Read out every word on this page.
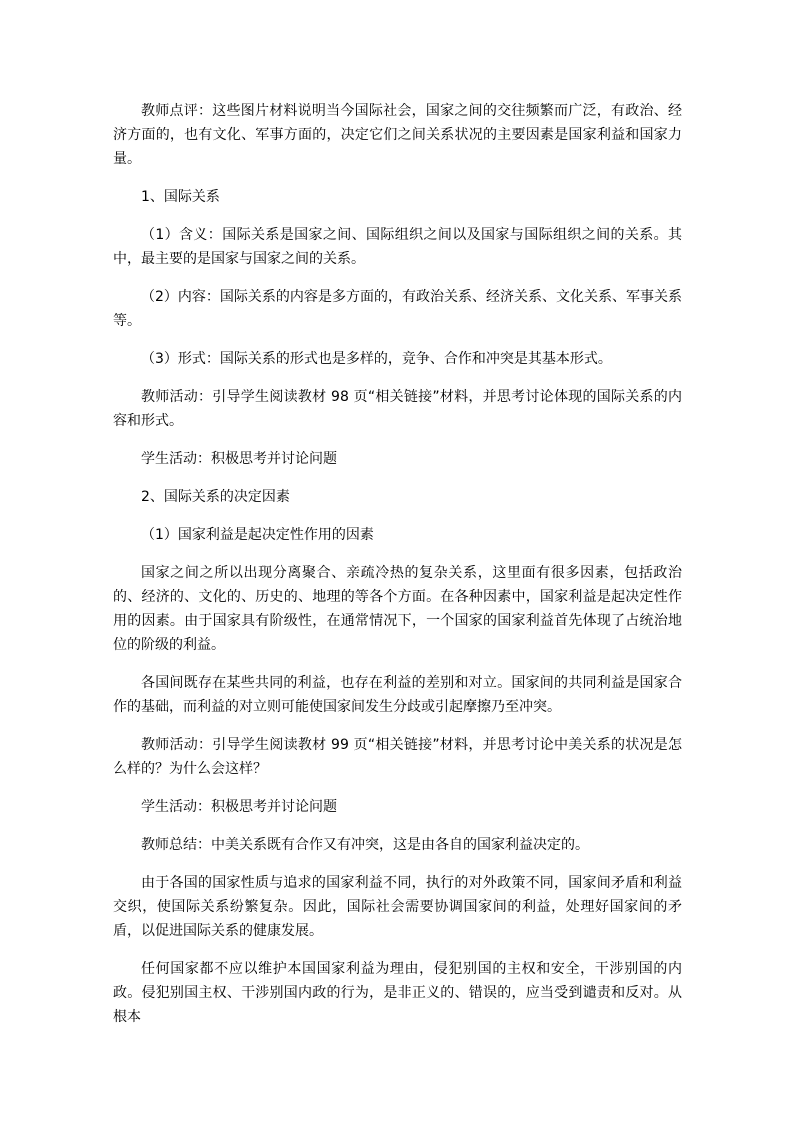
教师点评：这些图片材料说明当今国际社会，国家之间的交往频繁而广泛，有政治、经济方面的，也有文化、军事方面的，决定它们之间关系状况的主要因素是国家利益和国家力量。

1、国际关系

（1）含义：国际关系是国家之间、国际组织之间以及国家与国际组织之间的关系。其中，最主要的是国家与国家之间的关系。

（2）内容：国际关系的内容是多方面的，有政治关系、经济关系、文化关系、军事关系等。

（3）形式：国际关系的形式也是多样的，竞争、合作和冲突是其基本形式。

教师活动：引导学生阅读教材 98 页“相关链接”材料，并思考讨论体现的国际关系的内容和形式。

学生活动：积极思考并讨论问题

2、国际关系的决定因素

（1）国家利益是起决定性作用的因素

国家之间之所以出现分离聚合、亲疏冷热的复杂关系，这里面有很多因素，包括政治的、经济的、文化的、历史的、地理的等各个方面。在各种因素中，国家利益是起决定性作用的因素。由于国家具有阶级性，在通常情况下，一个国家的国家利益首先体现了占统治地位的阶级的利益。

各国间既存在某些共同的利益，也存在利益的差别和对立。国家间的共同利益是国家合作的基础，而利益的对立则可能使国家间发生分歧或引起摩擦乃至冲突。

教师活动：引导学生阅读教材 99 页“相关链接”材料，并思考讨论中美关系的状况是怎么样的？为什么会这样？

学生活动：积极思考并讨论问题

教师总结：中美关系既有合作又有冲突，这是由各自的国家利益决定的。

由于各国的国家性质与追求的国家利益不同，执行的对外政策不同，国家间矛盾和利益交织，使国际关系纷繁复杂。因此，国际社会需要协调国家间的利益，处理好国家间的矛盾，以促进国际关系的健康发展。

任何国家都不应以维护本国国家利益为理由，侵犯别国的主权和安全，干涉别国的内政。侵犯别国主权、干涉别国内政的行为，是非正义的、错误的，应当受到谴责和反对。从根本
